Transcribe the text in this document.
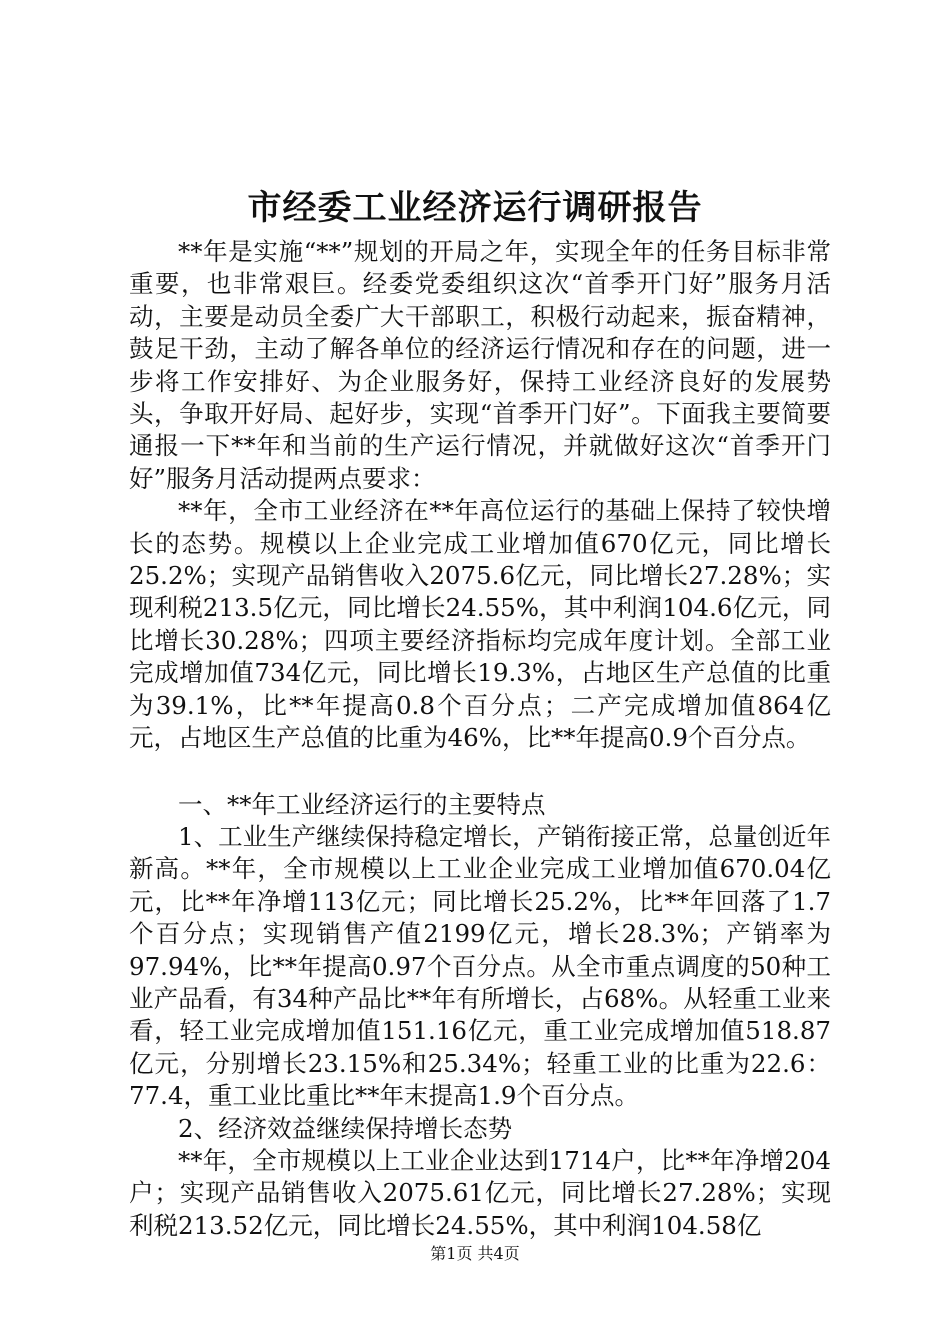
市经委工业经济运行调研报告

**年是实施“**”规划的开局之年，实现全年的任务目标非常重要，也非常艰巨。经委党委组织这次“首季开门好”服务月活动，主要是动员全委广大干部职工，积极行动起来，振奋精神，鼓足干劲，主动了解各单位的经济运行情况和存在的问题，进一步将工作安排好、为企业服务好，保持工业经济良好的发展势头，争取开好局、起好步，实现“首季开门好”。下面我主要简要通报一下**年和当前的生产运行情况，并就做好这次“首季开门好”服务月活动提两点要求：

**年，全市工业经济在**年高位运行的基础上保持了较快增长的态势。规模以上企业完成工业增加值670亿元，同比增长25.2%；实现产品销售收入2075.6亿元，同比增长27.28%；实现利税213.5亿元，同比增长24.55%，其中利润104.6亿元，同比增长30.28%；四项主要经济指标均完成年度计划。全部工业完成增加值734亿元，同比增长19.3%，占地区生产总值的比重为39.1%，比**年提高0.8个百分点；二产完成增加值864亿元，占地区生产总值的比重为46%，比**年提高0.9个百分点。

一、**年工业经济运行的主要特点

1、工业生产继续保持稳定增长，产销衔接正常，总量创近年新高。**年，全市规模以上工业企业完成工业增加值670.04亿元，比**年净增113亿元；同比增长25.2%，比**年回落了1.7个百分点；实现销售产值2199亿元，增长28.3%；产销率为97.94%，比**年提高0.97个百分点。从全市重点调度的50种工业产品看，有34种产品比**年有所增长，占68%。从轻重工业来看，轻工业完成增加值151.16亿元，重工业完成增加值518.87亿元，分别增长23.15%和25.34%；轻重工业的比重为22.6：77.4，重工业比重比**年末提高1.9个百分点。

2、经济效益继续保持增长态势

**年，全市规模以上工业企业达到1714户，比**年净增204户；实现产品销售收入2075.61亿元，同比增长27.28%；实现利税213.52亿元，同比增长24.55%，其中利润104.58亿

第1页 共4页
